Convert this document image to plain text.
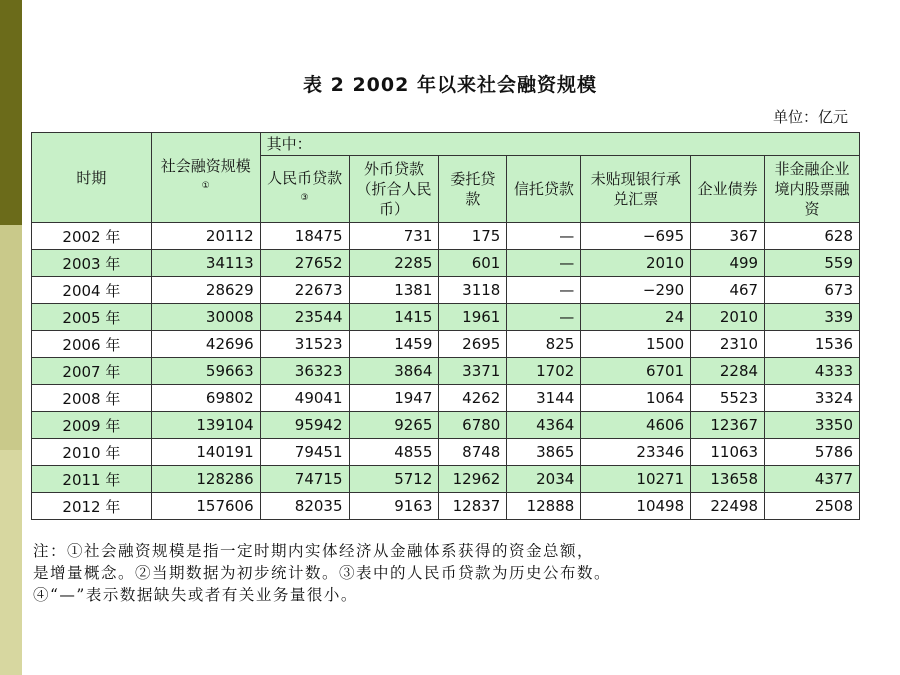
表 2 2002 年以来社会融资规模
单位：亿元
时期	社会融资规模①	其中：						
		人民币贷款③	外币贷款（折合人民币）	委托贷款	信托贷款	未贴现银行承兑汇票	企业债券	非金融企业境内股票融资
2002 年	20112	18475	731	175	—	−695	367	628
2003 年	34113	27652	2285	601	—	2010	499	559
2004 年	28629	22673	1381	3118	—	−290	467	673
2005 年	30008	23544	1415	1961	—	24	2010	339
2006 年	42696	31523	1459	2695	825	1500	2310	1536
2007 年	59663	36323	3864	3371	1702	6701	2284	4333
2008 年	69802	49041	1947	4262	3144	1064	5523	3324
2009 年	139104	95942	9265	6780	4364	4606	12367	3350
2010 年	140191	79451	4855	8748	3865	23346	11063	5786
2011 年	128286	74715	5712	12962	2034	10271	13658	4377
2012 年	157606	82035	9163	12837	12888	10498	22498	2508
注：①社会融资规模是指一定时期内实体经济从金融体系获得的资金总额，
是增量概念。②当期数据为初步统计数。③表中的人民币贷款为历史公布数。
④“—”表示数据缺失或者有关业务量很小。
